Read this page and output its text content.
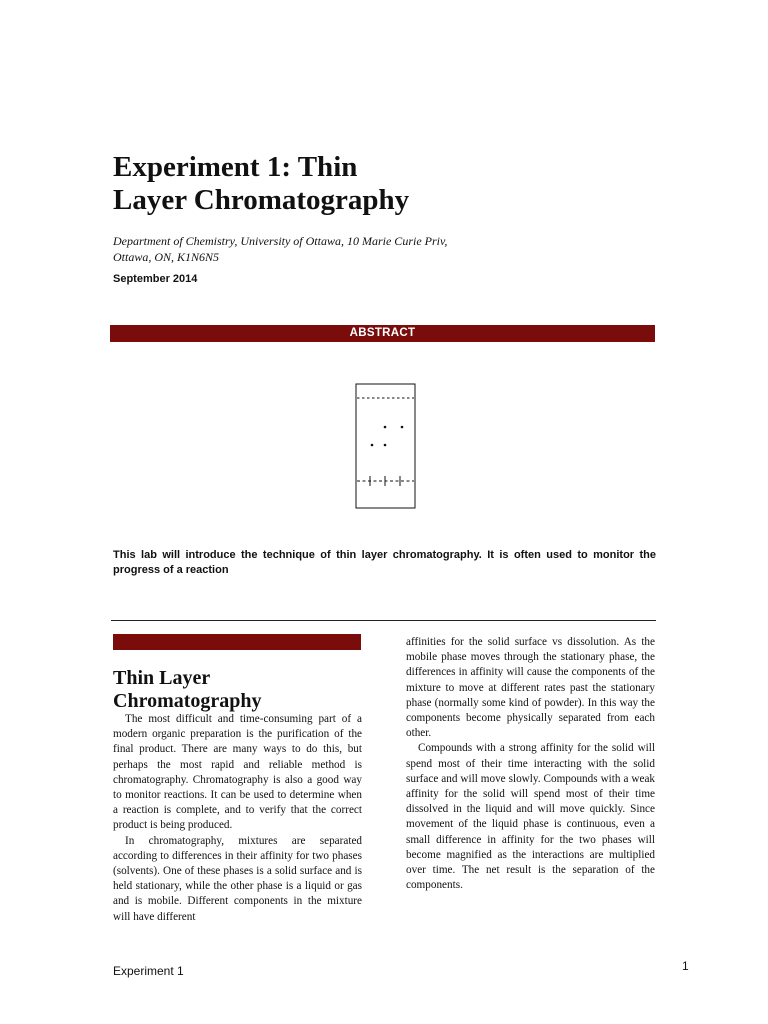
Experiment 1: Thin
Layer Chromatography
Department of Chemistry, University of Ottawa, 10 Marie Curie Priv,
Ottawa, ON, K1N6N5
September 2014
ABSTRACT
This lab will introduce the technique of thin layer chromatography. It is often used to monitor the progress of a reaction
Thin Layer
Chromatography

The most difficult and time-consuming part of a modern organic preparation is the purification of the final product. There are many ways to do this, but perhaps the most rapid and reliable method is chromatography. Chromatography is also a good way to monitor reactions. It can be used to determine when a reaction is complete, and to verify that the correct product is being produced.

In chromatography, mixtures are separated according to differences in their affinity for two phases (solvents). One of these phases is a solid surface and is held stationary, while the other phase is a liquid or gas and is mobile. Different components in the mixture will have different

affinities for the solid surface vs dissolution. As the mobile phase moves through the stationary phase, the differences in affinity will cause the components of the mixture to move at different rates past the stationary phase (normally some kind of powder). In this way the components become physically separated from each other.

Compounds with a strong affinity for the solid will spend most of their time interacting with the solid surface and will move slowly. Compounds with a weak affinity for the solid will spend most of their time dissolved in the liquid and will move quickly. Since movement of the liquid phase is continuous, even a small difference in affinity for the two phases will become magnified as the interactions are multiplied over time. The net result is the separation of the components.

Experiment 1	1
